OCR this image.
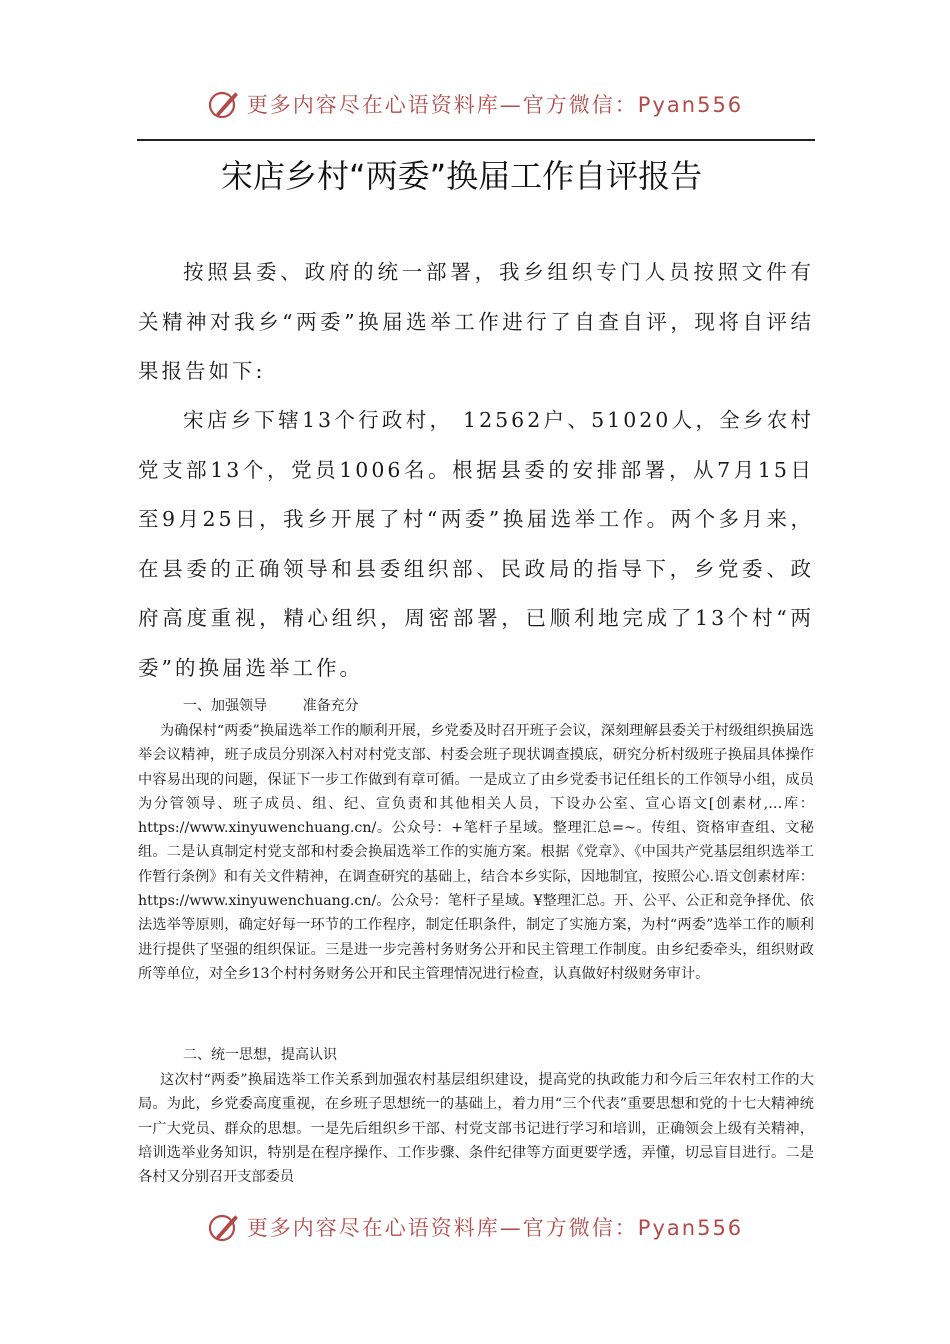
更多内容尽在心语资料库—官方微信：Pyan556
宋店乡村“两委”换届工作自评报告

按照县委、政府的统一部署，我乡组织专门人员按照文件有关精神对我乡“两委”换届选举工作进行了自查自评，现将自评结果报告如下:

宋店乡下辖13个行政村， 12562户、51020人，全乡农村党支部13个，党员1006名。根据县委的安排部署，从7月15日至9月25日，我乡开展了村“两委”换届选举工作。两个多月来，在县委的正确领导和县委组织部、民政局的指导下，乡党委、政府高度重视，精心组织，周密部署，已顺利地完成了13个村“两委”的换届选举工作。

一、加强领导        准备充分

为确保村“两委”换届选举工作的顺利开展，乡党委及时召开班子会议，深刻理解县委关于村级组织换届选举会议精神，班子成员分别深入村对村党支部、村委会班子现状调查摸底，研究分析村级班子换届具体操作中容易出现的问题，保证下一步工作做到有章可循。一是成立了由乡党委书记任组长的工作领导小组，成员为分管领导、班子成员、组、纪、宣负责和其他相关人员，下设办公室、宣心语文[创素材,…库：https://www.xinyuwenchuang.cn/。公众号：+笔杆子星域。整理汇总=~。传组、资格审查组、文秘组。二是认真制定村党支部和村委会换届选举工作的实施方案。根据《党章》、《中国共产党基层组织选举工作暂行条例》和有关文件精神，在调查研究的基础上，结合本乡实际，因地制宜，按照公心.语文创素材库：https://www.xinyuwenchuang.cn/。公众号：笔杆子星域。¥整理汇总。开、公平、公正和竞争择优、依法选举等原则，确定好每一环节的工作程序，制定任职条件，制定了实施方案，为村“两委”选举工作的顺利进行提供了坚强的组织保证。三是进一步完善村务财务公开和民主管理工作制度。由乡纪委牵头，组织财政所等单位，对全乡13个村村务财务公开和民主管理情况进行检查，认真做好村级财务审计。

二、统一思想，提高认识

这次村“两委”换届选举工作关系到加强农村基层组织建设，提高党的执政能力和今后三年农村工作的大局。为此，乡党委高度重视，在乡班子思想统一的基础上，着力用“三个代表”重要思想和党的十七大精神统一广大党员、群众的思想。一是先后组织乡干部、村党支部书记进行学习和培训，正确领会上级有关精神，培训选举业务知识，特别是在程序操作、工作步骤、条件纪律等方面更要学透，弄懂，切忌盲目进行。二是各村又分别召开支部委员

更多内容尽在心语资料库—官方微信：Pyan556
